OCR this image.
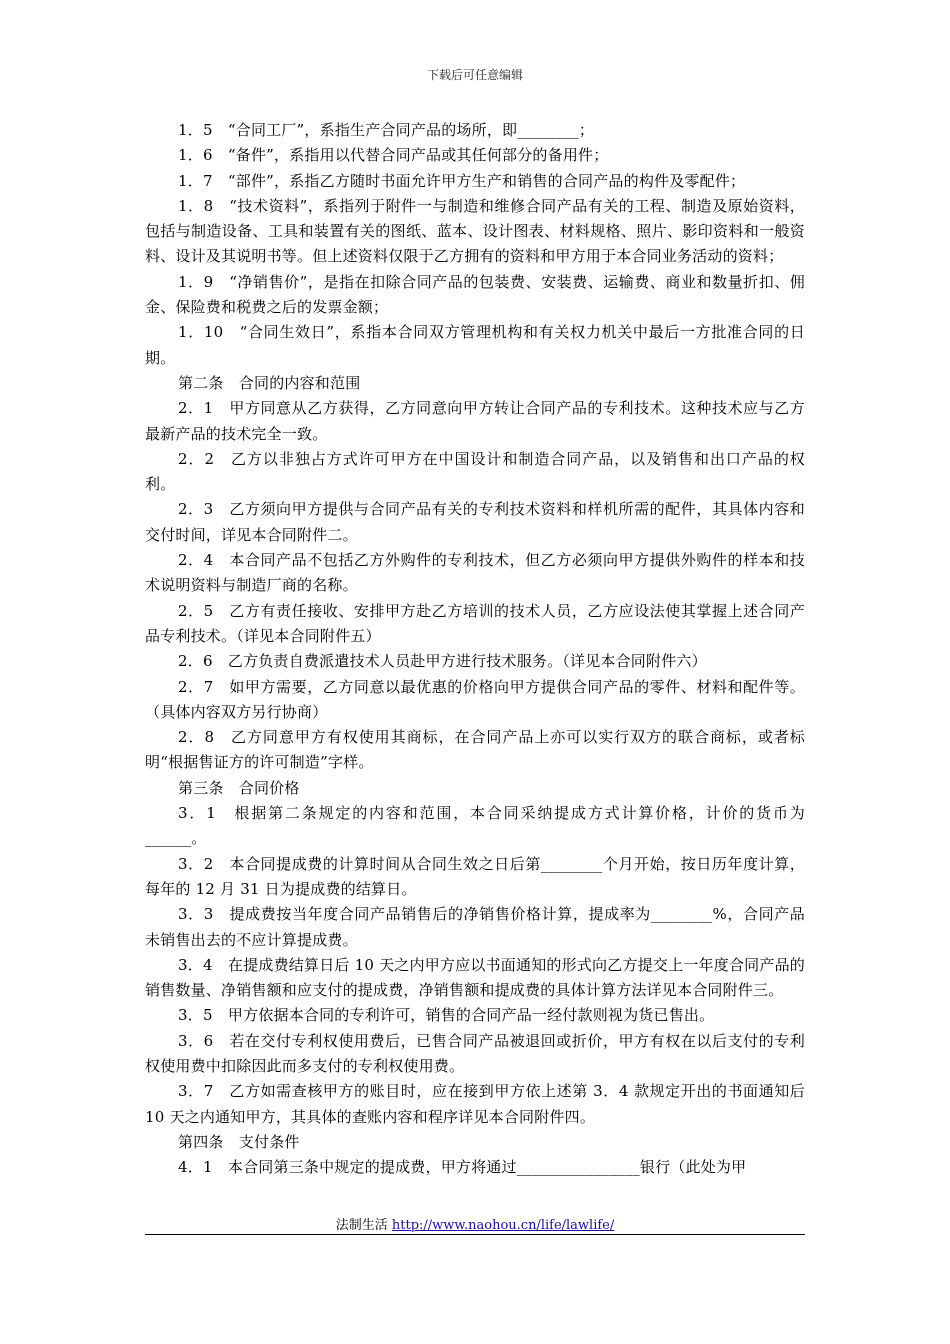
下载后可任意编辑

1．5　“合同工厂”，系指生产合同产品的场所，即________；

1．6　“备件”，系指用以代替合同产品或其任何部分的备用件；

1．7　“部件”，系指乙方随时书面允许甲方生产和销售的合同产品的构件及零配件；

1．8　“技术资料”，系指列于附件一与制造和维修合同产品有关的工程、制造及原始资料，包括与制造设备、工具和装置有关的图纸、蓝本、设计图表、材料规格、照片、影印资料和一般资料、设计及其说明书等。但上述资料仅限于乙方拥有的资料和甲方用于本合同业务活动的资料；

1．9　“净销售价”，是指在扣除合同产品的包装费、安装费、运输费、商业和数量折扣、佣金、保险费和税费之后的发票金额；

1．10　“合同生效日”，系指本合同双方管理机构和有关权力机关中最后一方批准合同的日期。

第二条　合同的内容和范围

2．1　甲方同意从乙方获得，乙方同意向甲方转让合同产品的专利技术。这种技术应与乙方最新产品的技术完全一致。

2．2　乙方以非独占方式许可甲方在中国设计和制造合同产品，以及销售和出口产品的权利。

2．3　乙方须向甲方提供与合同产品有关的专利技术资料和样机所需的配件，其具体内容和交付时间，详见本合同附件二。

2．4　本合同产品不包括乙方外购件的专利技术，但乙方必须向甲方提供外购件的样本和技术说明资料与制造厂商的名称。

2．5　乙方有责任接收、安排甲方赴乙方培训的技术人员，乙方应设法使其掌握上述合同产品专利技术。（详见本合同附件五）

2．6　乙方负责自费派遣技术人员赴甲方进行技术服务。（详见本合同附件六）

2．7　如甲方需要，乙方同意以最优惠的价格向甲方提供合同产品的零件、材料和配件等。（具体内容双方另行协商）

2．8　乙方同意甲方有权使用其商标，在合同产品上亦可以实行双方的联合商标，或者标明“根据售证方的许可制造”字样。

第三条　合同价格

3．1　根据第二条规定的内容和范围，本合同采纳提成方式计算价格，计价的货币为______。

3．2　本合同提成费的计算时间从合同生效之日后第________个月开始，按日历年度计算，每年的 12 月 31 日为提成费的结算日。

3．3　提成费按当年度合同产品销售后的净销售价格计算，提成率为________%，合同产品未销售出去的不应计算提成费。

3．4　在提成费结算日后 10 天之内甲方应以书面通知的形式向乙方提交上一年度合同产品的销售数量、净销售额和应支付的提成费，净销售额和提成费的具体计算方法详见本合同附件三。

3．5　甲方依据本合同的专利许可，销售的合同产品一经付款则视为货已售出。

3．6　若在交付专利权使用费后，已售合同产品被退回或折价，甲方有权在以后支付的专利权使用费中扣除因此而多支付的专利权使用费。

3．7　乙方如需查核甲方的账目时，应在接到甲方依上述第 3．4 款规定开出的书面通知后 10 天之内通知甲方，其具体的查账内容和程序详见本合同附件四。

第四条　支付条件

4．1　本合同第三条中规定的提成费，甲方将通过________________银行（此处为甲

法制生活 http://www.naohou.cn/life/lawlife/
